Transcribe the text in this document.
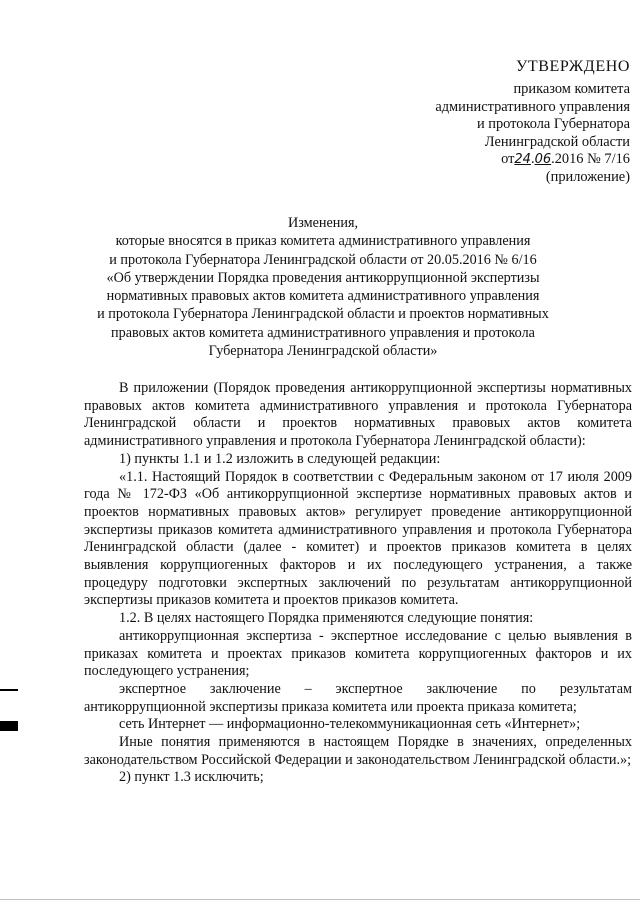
УТВЕРЖДЕНО
приказом комитета
административного управления
и протокола Губернатора
Ленинградской области
от24.06.2016 № 7/16
(приложение)
Изменения,
которые вносятся в приказ комитета административного управления
и протокола Губернатора Ленинградской области от 20.05.2016 № 6/16
«Об утверждении Порядка проведения антикоррупционной экспертизы
нормативных правовых актов комитета административного управления
и протокола Губернатора Ленинградской области и проектов нормативных
правовых актов комитета административного управления и протокола
Губернатора Ленинградской области»

В приложении (Порядок проведения антикоррупционной экспертизы нормативных правовых актов комитета административного управления и протокола Губернатора Ленинградской области и проектов нормативных правовых актов комитета административного управления и протокола Губернатора Ленинградской области):

1) пункты 1.1 и 1.2 изложить в следующей редакции:

«1.1. Настоящий Порядок в соответствии с Федеральным законом от 17 июля 2009 года № 172-ФЗ «Об антикоррупционной экспертизе нормативных правовых актов и проектов нормативных правовых актов» регулирует проведение антикоррупционной экспертизы приказов комитета административного управления и протокола Губернатора Ленинградской области (далее - комитет) и проектов приказов комитета в целях выявления коррупциогенных факторов и их последующего устранения, а также процедуру подготовки экспертных заключений по результатам антикоррупционной экспертизы приказов комитета и проектов приказов комитета.

1.2. В целях настоящего Порядка применяются следующие понятия:

антикоррупционная экспертиза - экспертное исследование с целью выявления в приказах комитета и проектах приказов комитета коррупциогенных факторов и их последующего устранения;

экспертное заключение – экспертное заключение по результатам антикоррупционной экспертизы приказа комитета или проекта приказа комитета;

сеть Интернет — информационно-телекоммуникационная сеть «Интернет»;

Иные понятия применяются в настоящем Порядке в значениях, определенных законодательством Российской Федерации и законодательством Ленинградской области.»;

2) пункт 1.3 исключить;
